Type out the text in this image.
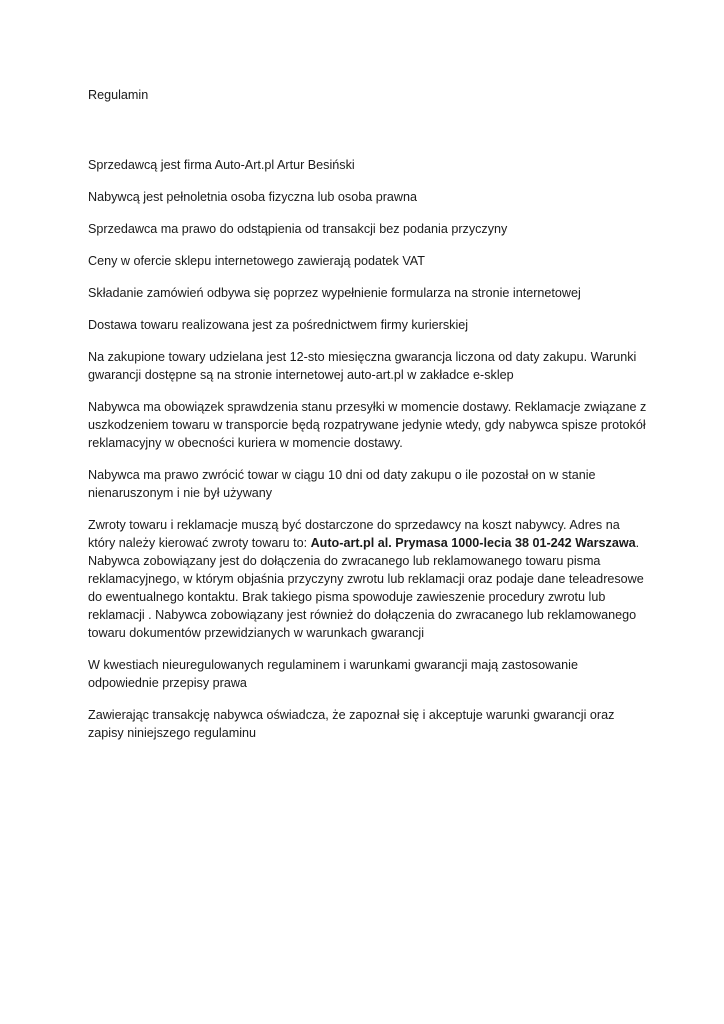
Regulamin

Sprzedawcą jest firma Auto-Art.pl Artur Besiński

Nabywcą jest pełnoletnia osoba fizyczna lub osoba prawna

Sprzedawca ma prawo do odstąpienia od transakcji bez podania przyczyny

Ceny w ofercie sklepu internetowego zawierają podatek VAT

Składanie zamówień odbywa się poprzez wypełnienie formularza na stronie internetowej

Dostawa towaru realizowana jest za pośrednictwem firmy kurierskiej

Na zakupione towary udzielana jest 12-sto miesięczna gwarancja liczona od daty zakupu. Warunki gwarancji dostępne są na stronie internetowej auto-art.pl w zakładce e-sklep

Nabywca ma obowiązek sprawdzenia stanu przesyłki w momencie dostawy. Reklamacje związane z uszkodzeniem towaru w transporcie będą rozpatrywane jedynie wtedy, gdy nabywca spisze protokół reklamacyjny w obecności kuriera w momencie dostawy.

Nabywca ma prawo zwrócić towar w ciągu 10 dni od daty zakupu o ile pozostał on w stanie nienaruszonym i nie był używany

Zwroty towaru i reklamacje muszą być dostarczone do sprzedawcy na koszt nabywcy. Adres na który należy kierować zwroty towaru to: Auto-art.pl al. Prymasa 1000-lecia 38 01-242 Warszawa. Nabywca zobowiązany jest do dołączenia do zwracanego lub reklamowanego towaru pisma reklamacyjnego, w którym objaśnia przyczyny zwrotu lub reklamacji oraz podaje dane teleadresowe do ewentualnego kontaktu. Brak takiego pisma spowoduje zawieszenie procedury zwrotu lub reklamacji . Nabywca zobowiązany jest również do dołączenia do zwracanego lub reklamowanego towaru dokumentów przewidzianych w warunkach gwarancji

W kwestiach nieuregulowanych regulaminem i warunkami gwarancji mają zastosowanie odpowiednie przepisy prawa

Zawierając transakcję nabywca oświadcza, że zapoznał się i akceptuje warunki gwarancji oraz zapisy niniejszego regulaminu
